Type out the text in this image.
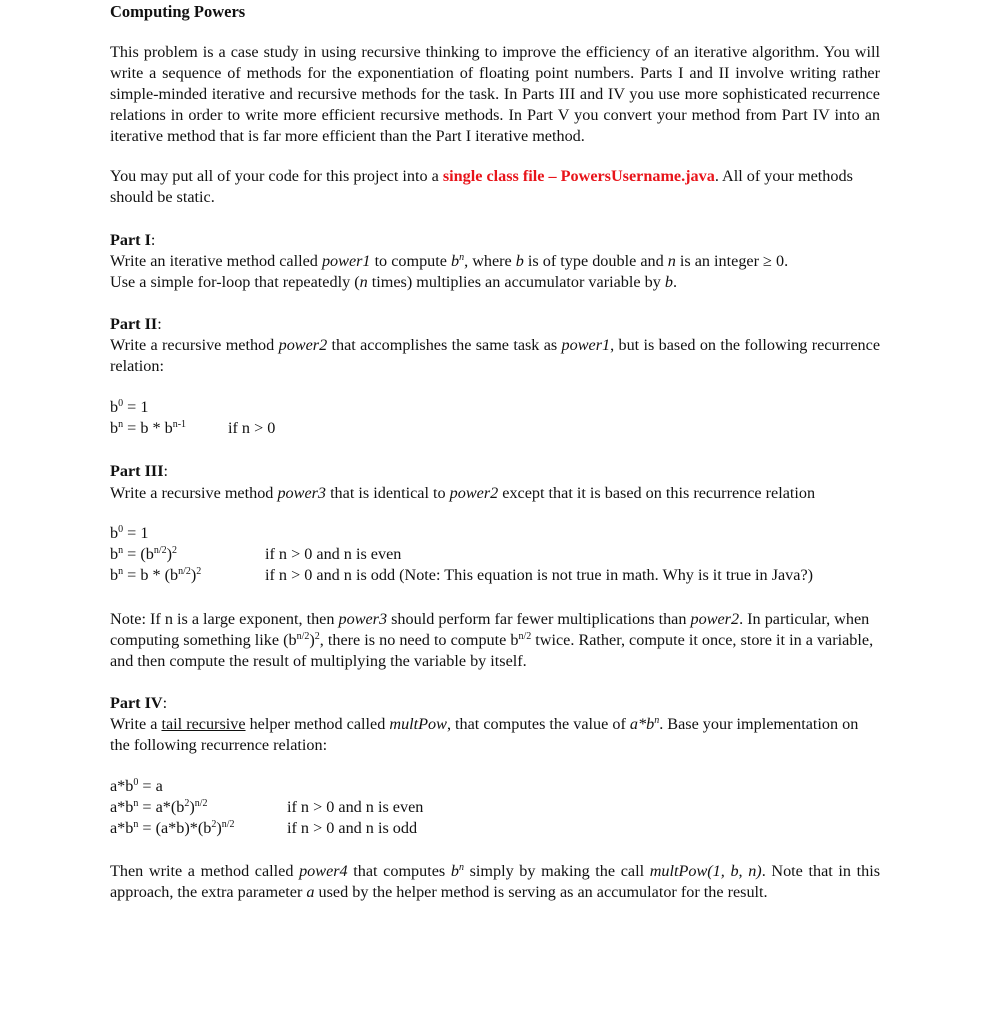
Computing Powers

This problem is a case study in using recursive thinking to improve the efficiency of an iterative algorithm. You will write a sequence of methods for the exponentiation of floating point numbers. Parts I and II involve writing rather simple-minded iterative and recursive methods for the task. In Parts III and IV you use more sophisticated recurrence relations in order to write more efficient recursive methods. In Part V you convert your method from Part IV into an iterative method that is far more efficient than the Part I iterative method.

You may put all of your code for this project into a single class file – PowersUsername.java. All of your methods should be static.

Part I:

Write an iterative method called power1 to compute $b^n$, where b is of type double and n is an integer ≥ 0.

Use a simple for-loop that repeatedly (n times) multiplies an accumulator variable by b.

Part II:

Write a recursive method power2 that accomplishes the same task as power1, but is based on the following recurrence relation:

$b^0 = 1$
$b^n = b * b^{n-1}$	if n > 0
Part III:

Write a recursive method power3 that is identical to power2 except that it is based on this recurrence relation

$b^0 = 1$
$b^n = (b^{n/2})^2$	if n > 0 and n is even
$b^n = b * (b^{n/2})^2$	if n > 0 and n is odd (Note: This equation is not true in math. Why is it true in Java?)

Note: If n is a large exponent, then power3 should perform far fewer multiplications than power2. In particular, when computing something like $(b^{n/2})^2$, there is no need to compute $b^{n/2}$ twice. Rather, compute it once, store it in a variable, and then compute the result of multiplying the variable by itself.

Part IV:

Write a tail recursive helper method called multPow, that computes the value of $a*b^n$. Base your implementation on the following recurrence relation:

$a*b^0 = a$
$a*b^n = a*(b^2)^{n/2}$	if n > 0 and n is even
$a*b^n = (a*b)*(b^2)^{n/2}$	if n > 0 and n is odd

Then write a method called power4 that computes $b^n$ simply by making the call multPow(1, b, n). Note that in this approach, the extra parameter a used by the helper method is serving as an accumulator for the result.
